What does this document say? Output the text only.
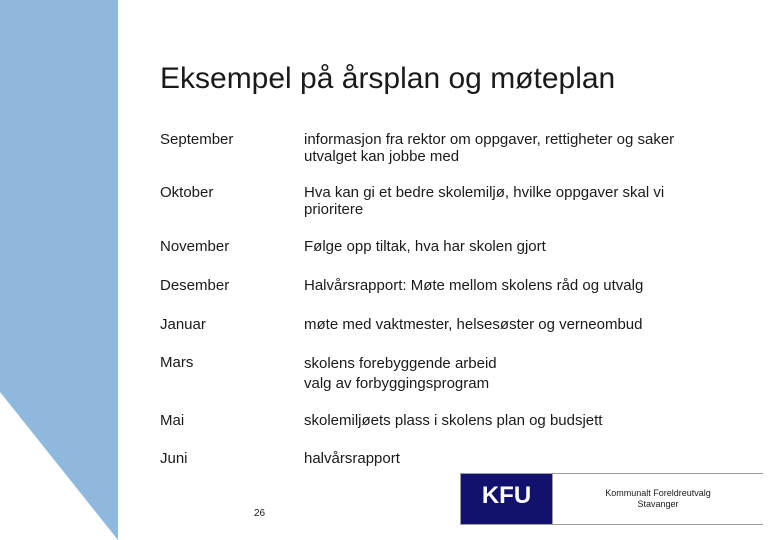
Eksempel på årsplan og møteplan
September	informasjon fra rektor om oppgaver, rettigheter og saker
utvalget kan jobbe med
Oktober	Hva kan gi et bedre skolemiljø, hvilke oppgaver skal vi
prioritere
November	Følge opp tiltak, hva har skolen gjort
Desember	Halvårsrapport: Møte mellom skolens råd og utvalg
Januar	møte med vaktmester, helsesøster og verneombud
Mars	skolens forebyggende arbeid
valg av forbyggingsprogram
Mai	skolemiljøets plass i skolens plan og budsjett
Juni	halvårsrapport
26
KFU	Kommunalt Foreldreutvalg
Stavanger
